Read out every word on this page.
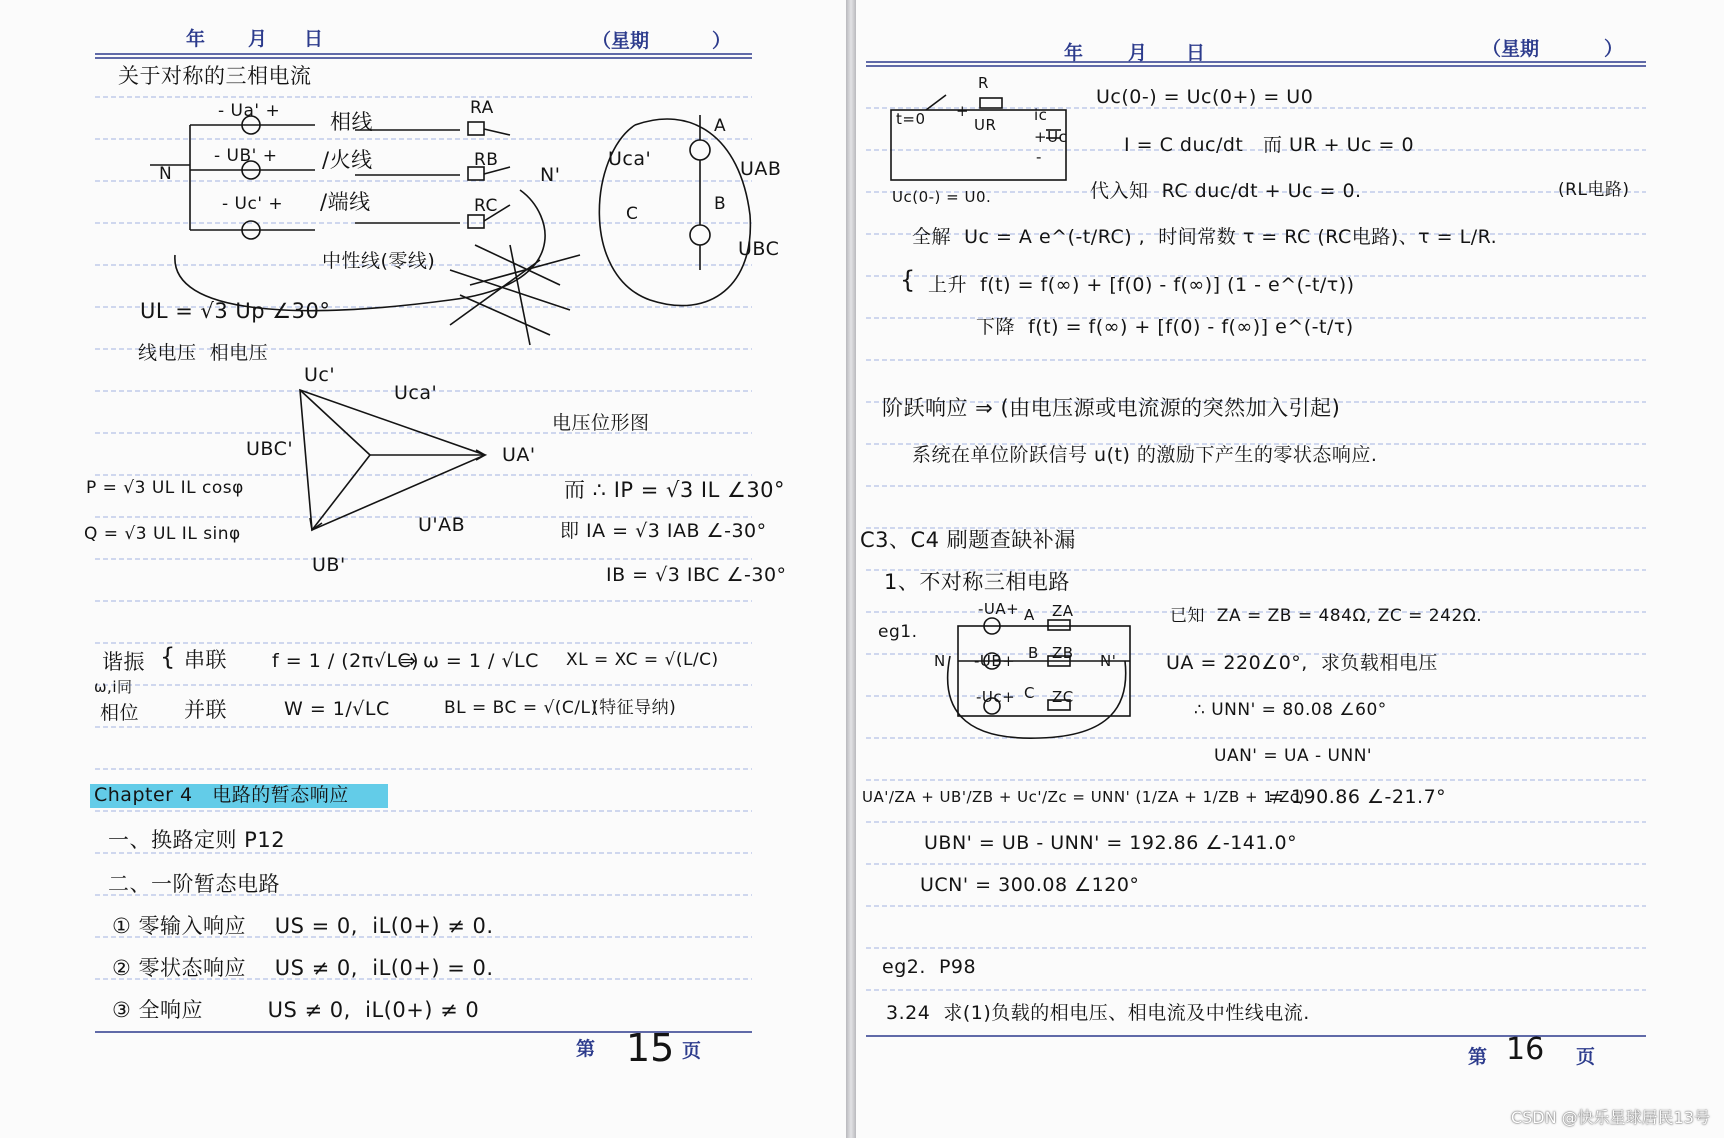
年 月 日	（星期	）
关于对称的三相电流
- Ua' +
- UB' +
- Uc' +
N
相线
/火线
/端线
RA
RB
RC
N'
中性线(零线)
Uca'	UAB
UBC
A
B
C
UL = √3 Up ∠30°
线电压  相电压
Uc'
Uca'
UBC'	UA'
U'AB
UB'
电压位形图
P = √3 UL IL cosφ
Q = √3 UL IL sinφ
而 ∴ IP = √3 IL ∠30°
即 IA = √3 IAB ∠-30°
IB = √3 IBC ∠-30°
谐振
ω,i同
相位
{ 串联 f = 1 / (2π√LC)
⇒ ω = 1 / √LC XL = XC = √(L/C)
并联	W = 1/√LC	BL = BC = √(C/L)
(特征导纳)
Chapter 4   电路的暂态响应
一、换路定则 P12
二、一阶暂态电路
① 零输入响应    US = 0,  iL(0+) ≠ 0.
② 零状态响应    US ≠ 0,  iL(0+) = 0.
③ 全响应         US ≠ 0,  iL(0+) ≠ 0
第 15 页
年 月 日	（星期	）
R
t=0	UR
ic
+Uc
-
+
Uc(0-) = U0.
Uc(0-) = Uc(0+) = U0
I = C duc/dt   而 UR + Uc = 0
代入知  RC duc/dt + Uc = 0.	(RL电路)
全解  Uc = A e^(-t/RC) ,  时间常数 τ = RC (RC电路)、τ = L/R.
{ 上升  f(t) = f(∞) + [f(0) - f(∞)] (1 - e^(-t/τ))
下降  f(t) = f(∞) + [f(0) - f(∞)] e^(-t/τ)
阶跃响应 ⇒ (由电压源或电流源的突然加入引起)
系统在单位阶跃信号 u(t) 的激励下产生的零状态响应.
C3、C4 刷题查缺补漏
1、不对称三相电路
eg1.
-UA+
-UB+
-Uc+
ZA
ZB
ZC
N	N'
A
B
C
已知  ZA = ZB = 484Ω, ZC = 242Ω.
UA = 220∠0°,  求负载相电压
∴ UNN' = 80.08 ∠60°
UAN' = UA - UNN'
UA'/ZA + UB'/ZB + Uc'/Zc = UNN' (1/ZA + 1/ZB + 1/Zc)
= 190.86 ∠-21.7°
UBN' = UB - UNN' = 192.86 ∠-141.0°
UCN' = 300.08 ∠120°
eg2.  P98
3.24  求(1)负载的相电压、相电流及中性线电流.
第 16 页
CSDN @快乐星球居民13号
